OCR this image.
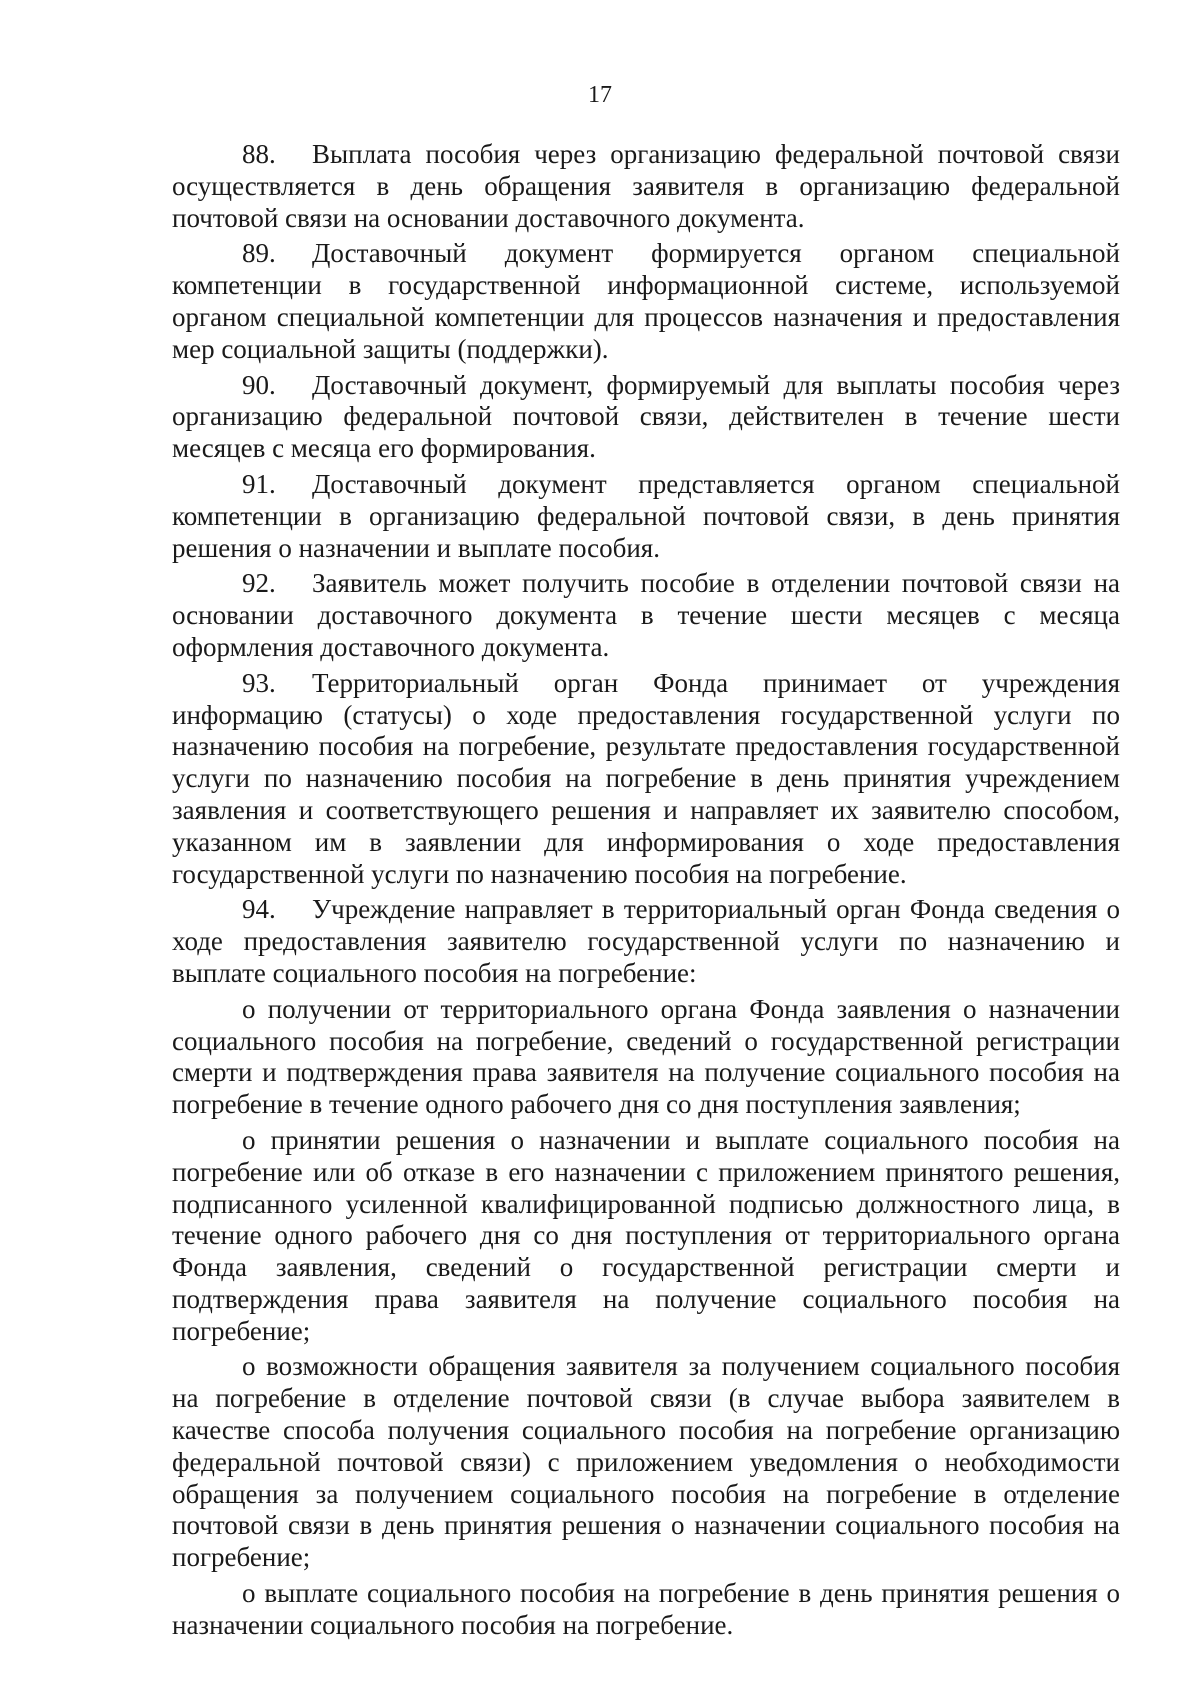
17

88. Выплата пособия через организацию федеральной почтовой связи осуществляется в день обращения заявителя в организацию федеральной почтовой связи на основании доставочного документа.

89. Доставочный документ формируется органом специальной компетенции в государственной информационной системе, используемой органом специальной компетенции для процессов назначения и предоставления мер социальной защиты (поддержки).

90. Доставочный документ, формируемый для выплаты пособия через организацию федеральной почтовой связи, действителен в течение шести месяцев с месяца его формирования.

91. Доставочный документ представляется органом специальной компетенции в организацию федеральной почтовой связи, в день принятия решения о назначении и выплате пособия.

92. Заявитель может получить пособие в отделении почтовой связи на основании доставочного документа в течение шести месяцев с месяца оформления доставочного документа.

93. Территориальный орган Фонда принимает от учреждения информацию (статусы) о ходе предоставления государственной услуги по назначению пособия на погребение, результате предоставления государственной услуги по назначению пособия на погребение в день принятия учреждением заявления и соответствующего решения и направляет их заявителю способом, указанном им в заявлении для информирования о ходе предоставления государственной услуги по назначению пособия на погребение.

94. Учреждение направляет в территориальный орган Фонда сведения о ходе предоставления заявителю государственной услуги по назначению и выплате социального пособия на погребение:

о получении от территориального органа Фонда заявления о назначении социального пособия на погребение, сведений о государственной регистрации смерти и подтверждения права заявителя на получение социального пособия на погребение в течение одного рабочего дня со дня поступления заявления;

о принятии решения о назначении и выплате социального пособия на погребение или об отказе в его назначении с приложением принятого решения, подписанного усиленной квалифицированной подписью должностного лица, в течение одного рабочего дня со дня поступления от территориального органа Фонда заявления, сведений о государственной регистрации смерти и подтверждения права заявителя на получение социального пособия на погребение;

о возможности обращения заявителя за получением социального пособия на погребение в отделение почтовой связи (в случае выбора заявителем в качестве способа получения социального пособия на погребение организацию федеральной почтовой связи) с приложением уведомления о необходимости обращения за получением социального пособия на погребение в отделение почтовой связи в день принятия решения о назначении социального пособия на погребение;

о выплате социального пособия на погребение в день принятия решения о назначении социального пособия на погребение.
